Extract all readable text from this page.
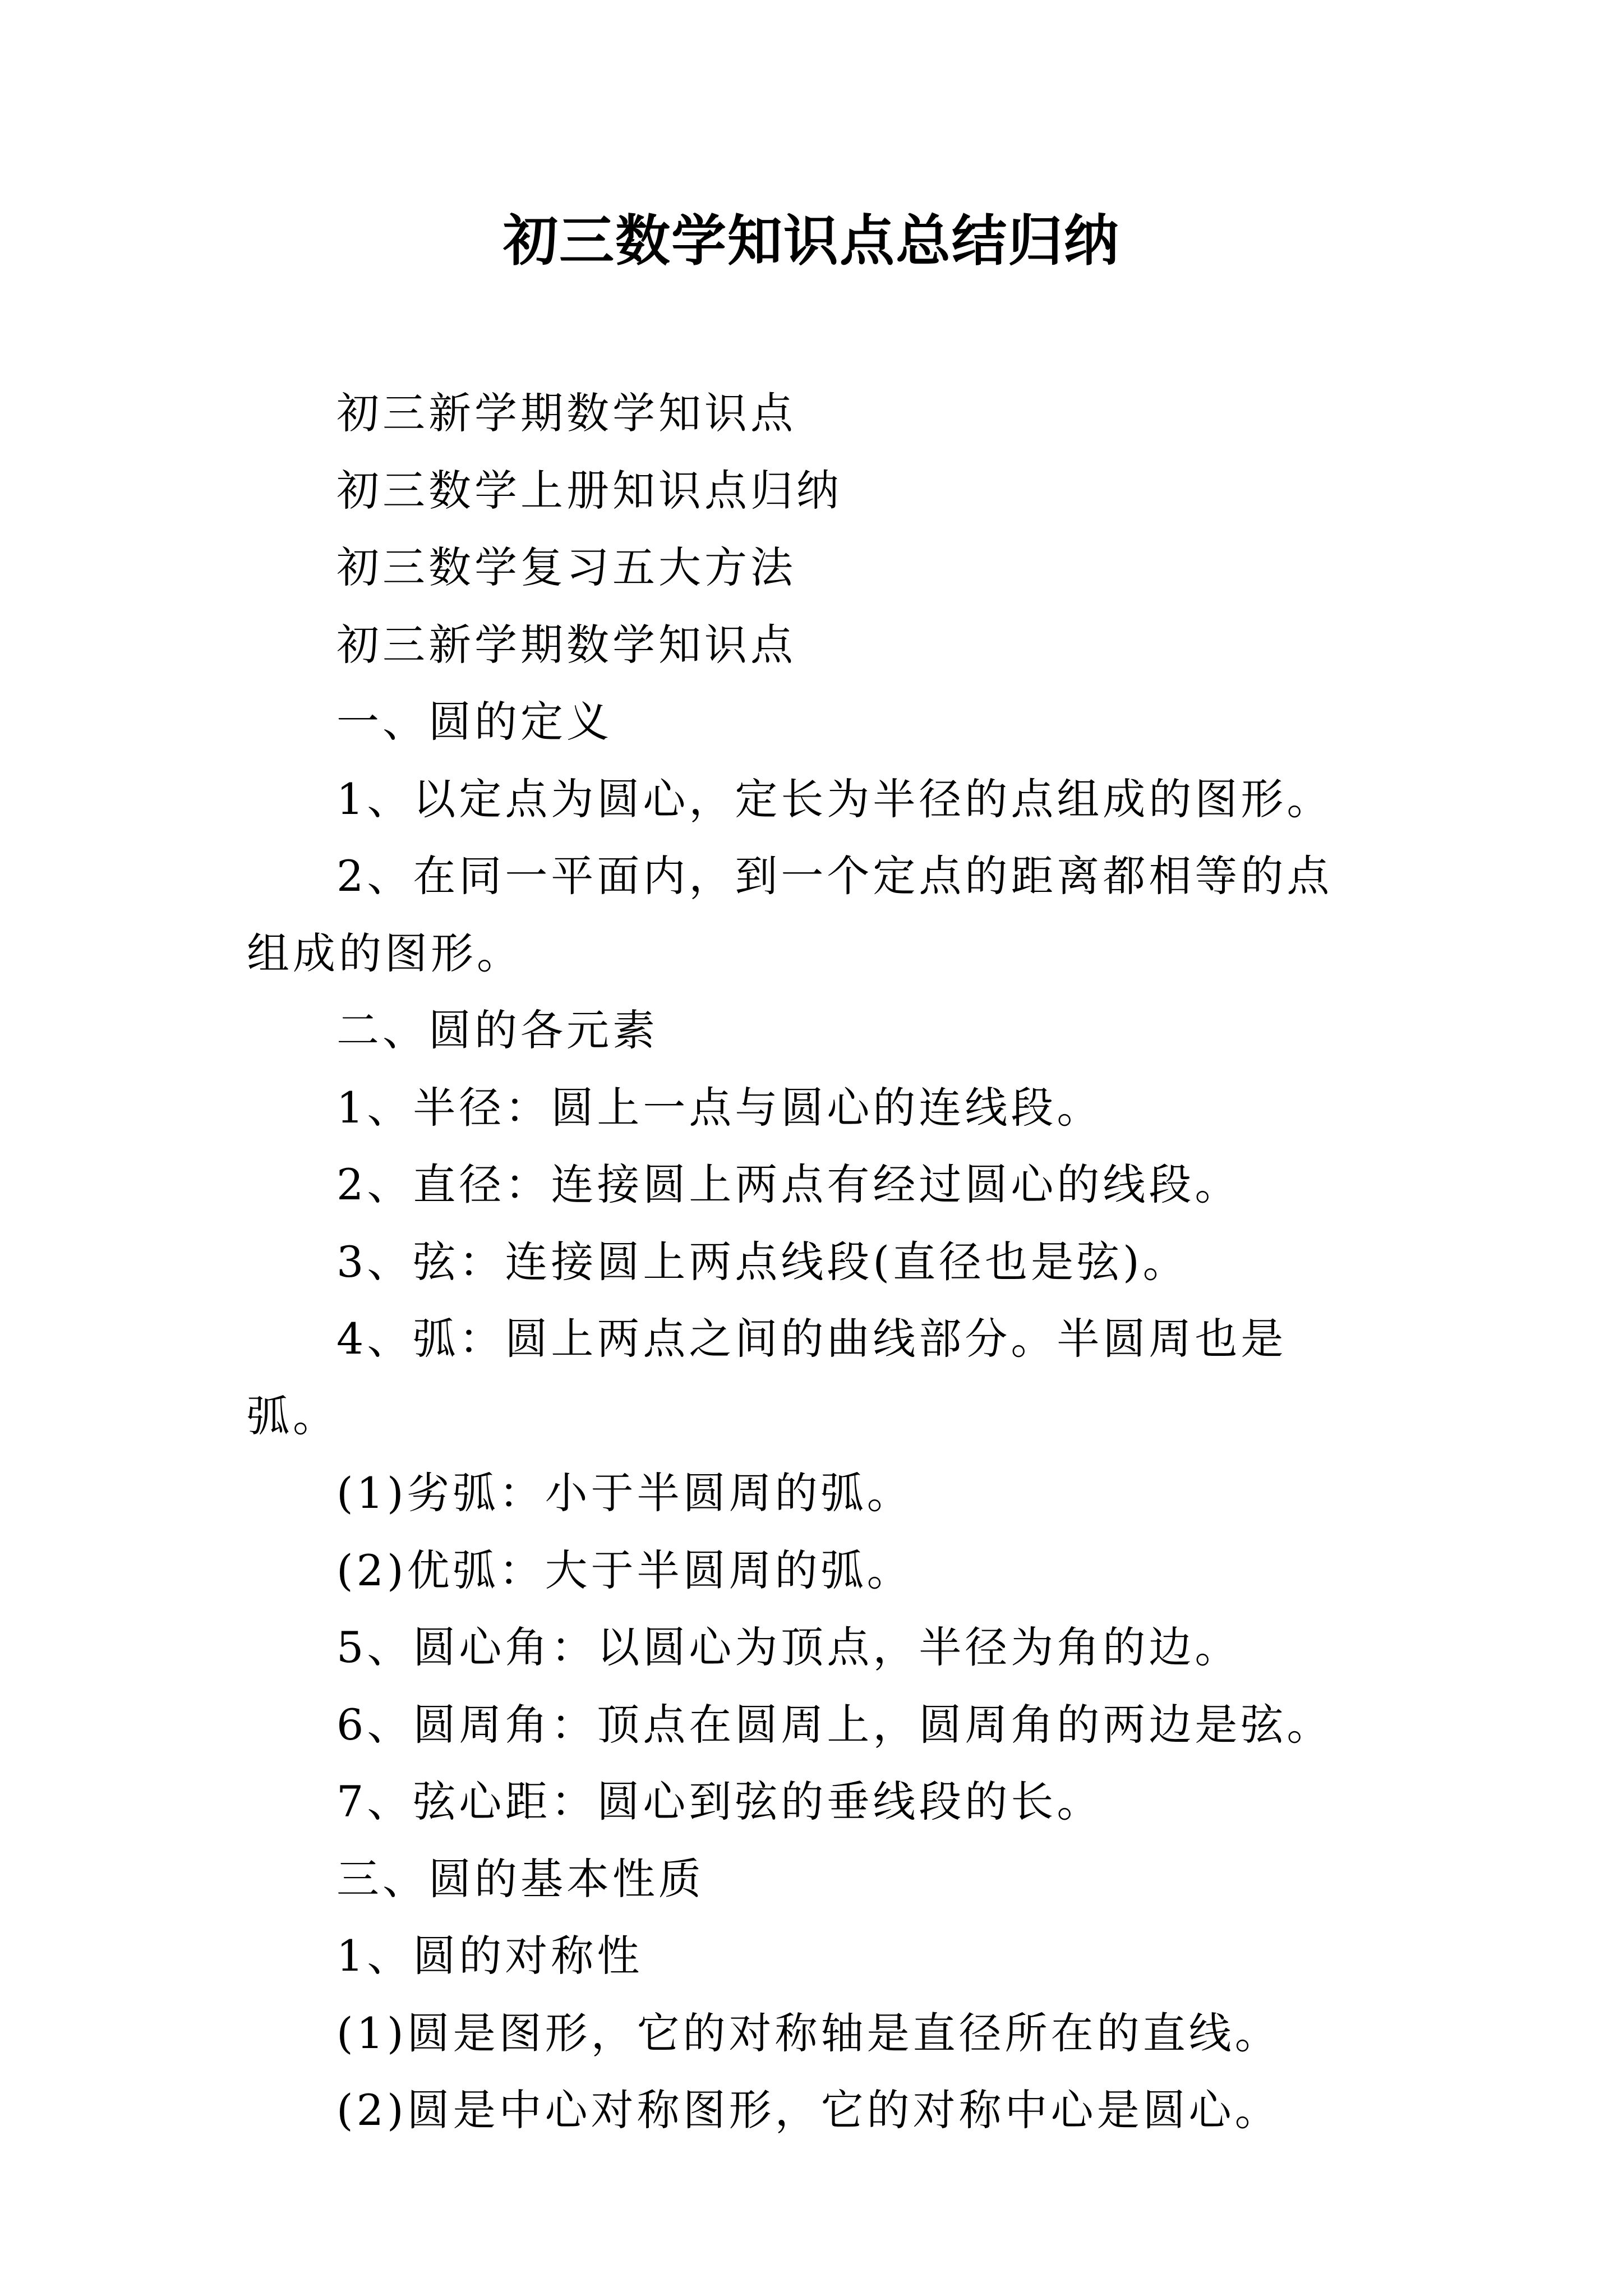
初三数学知识点总结归纳

初三新学期数学知识点

初三数学上册知识点归纳

初三数学复习五大方法

初三新学期数学知识点

一、圆的定义

1、以定点为圆心，定长为半径的点组成的图形。

2、在同一平面内，到一个定点的距离都相等的点组成的图形。

二、圆的各元素

1、半径：圆上一点与圆心的连线段。

2、直径：连接圆上两点有经过圆心的线段。

3、弦：连接圆上两点线段(直径也是弦)。

4、弧：圆上两点之间的曲线部分。半圆周也是弧。

(1)劣弧：小于半圆周的弧。

(2)优弧：大于半圆周的弧。

5、圆心角：以圆心为顶点，半径为角的边。

6、圆周角：顶点在圆周上，圆周角的两边是弦。

7、弦心距：圆心到弦的垂线段的长。

三、圆的基本性质

1、圆的对称性

(1)圆是图形，它的对称轴是直径所在的直线。

(2)圆是中心对称图形，它的对称中心是圆心。
